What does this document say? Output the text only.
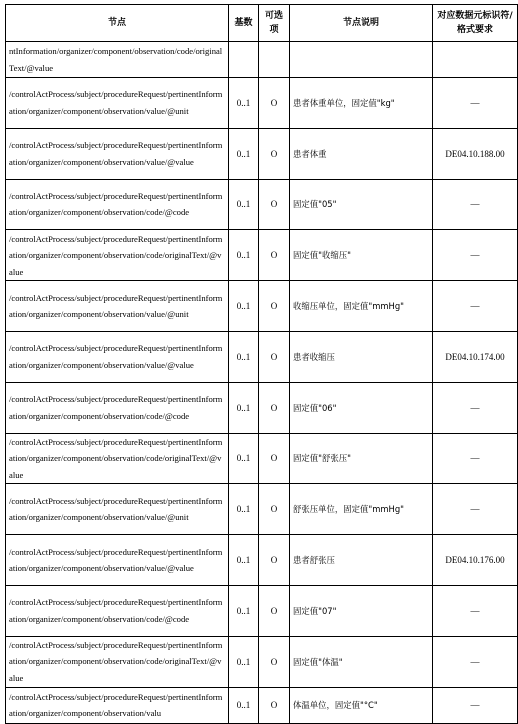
节点	基数	可选项	节点说明	对应数据元标识符/格式要求
ntInformation/organizer/component/observation/code/originalText/@value				
/controlActProcess/subject/procedureRequest/pertinentInformation/organizer/component/observation/value/@unit	0..1	O	患者体重单位，固定值"kg"	—
/controlActProcess/subject/procedureRequest/pertinentInformation/organizer/component/observation/value/@value	0..1	O	患者体重	DE04.10.188.00
/controlActProcess/subject/procedureRequest/pertinentInformation/organizer/component/observation/code/@code	0..1	O	固定值"05"	—
/controlActProcess/subject/procedureRequest/pertinentInformation/organizer/component/observation/code/originalText/@value	0..1	O	固定值"收缩压"	—
/controlActProcess/subject/procedureRequest/pertinentInformation/organizer/component/observation/value/@unit	0..1	O	收缩压单位，固定值"mmHg"	—
/controlActProcess/subject/procedureRequest/pertinentInformation/organizer/component/observation/value/@value	0..1	O	患者收缩压	DE04.10.174.00
/controlActProcess/subject/procedureRequest/pertinentInformation/organizer/component/observation/code/@code	0..1	O	固定值"06"	—
/controlActProcess/subject/procedureRequest/pertinentInformation/organizer/component/observation/code/originalText/@value	0..1	O	固定值"舒张压"	—
/controlActProcess/subject/procedureRequest/pertinentInformation/organizer/component/observation/value/@unit	0..1	O	舒张压单位，固定值"mmHg"	—
/controlActProcess/subject/procedureRequest/pertinentInformation/organizer/component/observation/value/@value	0..1	O	患者舒张压	DE04.10.176.00
/controlActProcess/subject/procedureRequest/pertinentInformation/organizer/component/observation/code/@code	0..1	O	固定值"07"	—
/controlActProcess/subject/procedureRequest/pertinentInformation/organizer/component/observation/code/originalText/@value	0..1	O	固定值"体温"	—
/controlActProcess/subject/procedureRequest/pertinentInformation/organizer/component/observation/valu	0..1	O	体温单位，固定值"°C"	—
